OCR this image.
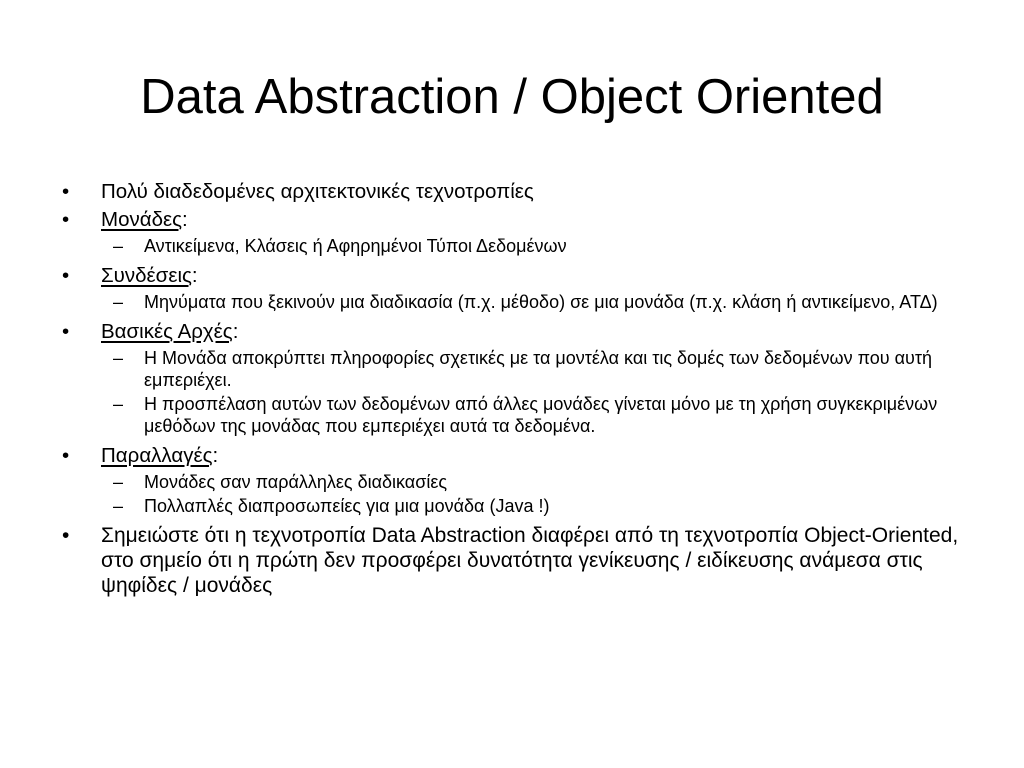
Data Abstraction / Object Oriented
•	Πολύ διαδεδομένες αρχιτεκτονικές τεχνοτροπίες
•	Μονάδες:
– Αντικείμενα, Κλάσεις ή Αφηρημένοι Τύποι Δεδομένων
•	Συνδέσεις:
– Μηνύματα που ξεκινούν μια διαδικασία (π.χ. μέθοδο) σε μια μονάδα (π.χ. κλάση ή αντικείμενο, ΑΤΔ)
•	Βασικές Αρχές:
– Η Μονάδα αποκρύπτει πληροφορίες σχετικές με τα μοντέλα και τις δομές των δεδομένων που αυτή εμπεριέχει.
– Η προσπέλαση αυτών των δεδομένων από άλλες μονάδες γίνεται μόνο με τη χρήση συγκεκριμένων μεθόδων της μονάδας που εμπεριέχει αυτά τα δεδομένα.
•	Παραλλαγές:
– Μονάδες σαν παράλληλες διαδικασίες
– Πολλαπλές διαπροσωπείες για μια μονάδα (Java !)
•	Σημειώστε ότι η τεχνοτροπία Data Abstraction διαφέρει από τη τεχνοτροπία Object-Oriented, στο σημείο ότι η πρώτη δεν προσφέρει δυνατότητα γενίκευσης / ειδίκευσης ανάμεσα στις ψηφίδες / μονάδες
